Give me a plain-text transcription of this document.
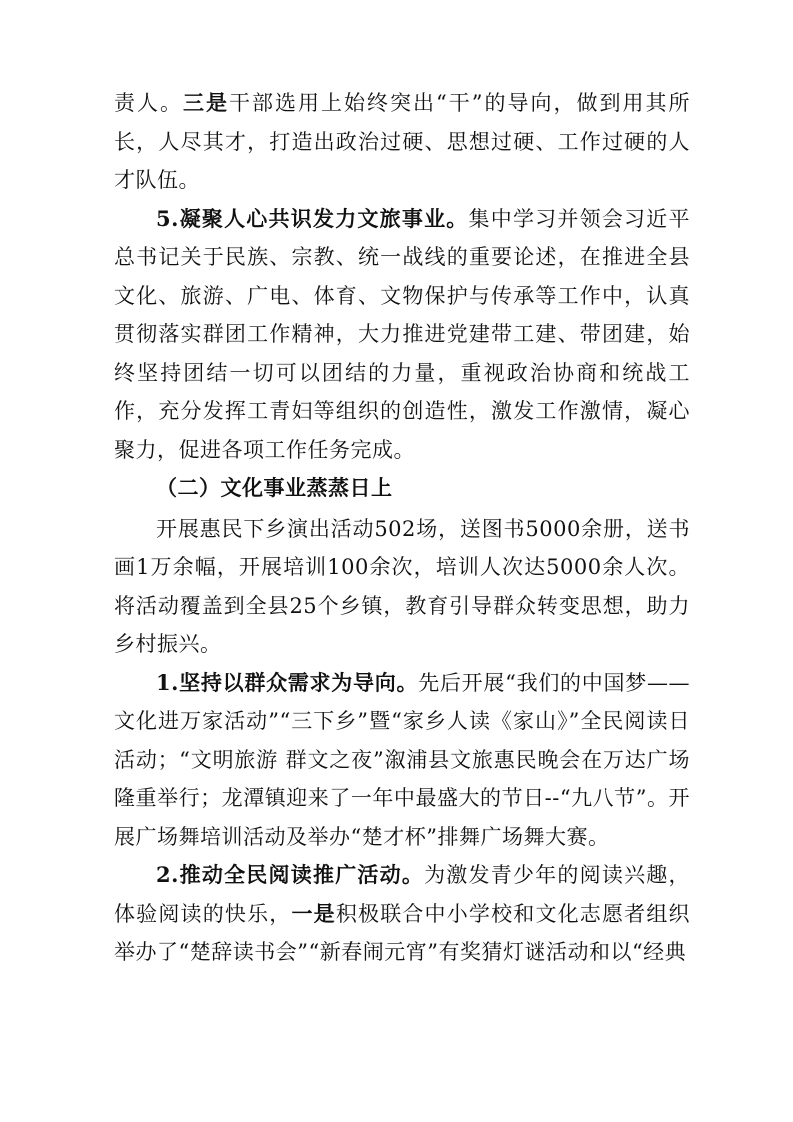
责人。三是干部选用上始终突出“干”的导向，做到用其所长，人尽其才，打造出政治过硬、思想过硬、工作过硬的人才队伍。

5.凝聚人心共识发力文旅事业。集中学习并领会习近平总书记关于民族、宗教、统一战线的重要论述，在推进全县文化、旅游、广电、体育、文物保护与传承等工作中，认真贯彻落实群团工作精神，大力推进党建带工建、带团建，始终坚持团结一切可以团结的力量，重视政治协商和统战工作，充分发挥工青妇等组织的创造性，激发工作激情，凝心聚力，促进各项工作任务完成。

（二）文化事业蒸蒸日上

开展惠民下乡演出活动502场，送图书5000余册，送书画1万余幅，开展培训100余次，培训人次达5000余人次。将活动覆盖到全县25个乡镇，教育引导群众转变思想，助力乡村振兴。

1.坚持以群众需求为导向。先后开展“我们的中国梦——文化进万家活动”“三下乡”暨“家乡人读《家山》”全民阅读日活动；“文明旅游 群文之夜”溆浦县文旅惠民晚会在万达广场隆重举行；龙潭镇迎来了一年中最盛大的节日--“九八节”。开展广场舞培训活动及举办“楚才杯”排舞广场舞大赛。

2.推动全民阅读推广活动。为激发青少年的阅读兴趣，体验阅读的快乐，一是积极联合中小学校和文化志愿者组织举办了“楚辞读书会”“新春闹元宵”有奖猜灯谜活动和以“经典
